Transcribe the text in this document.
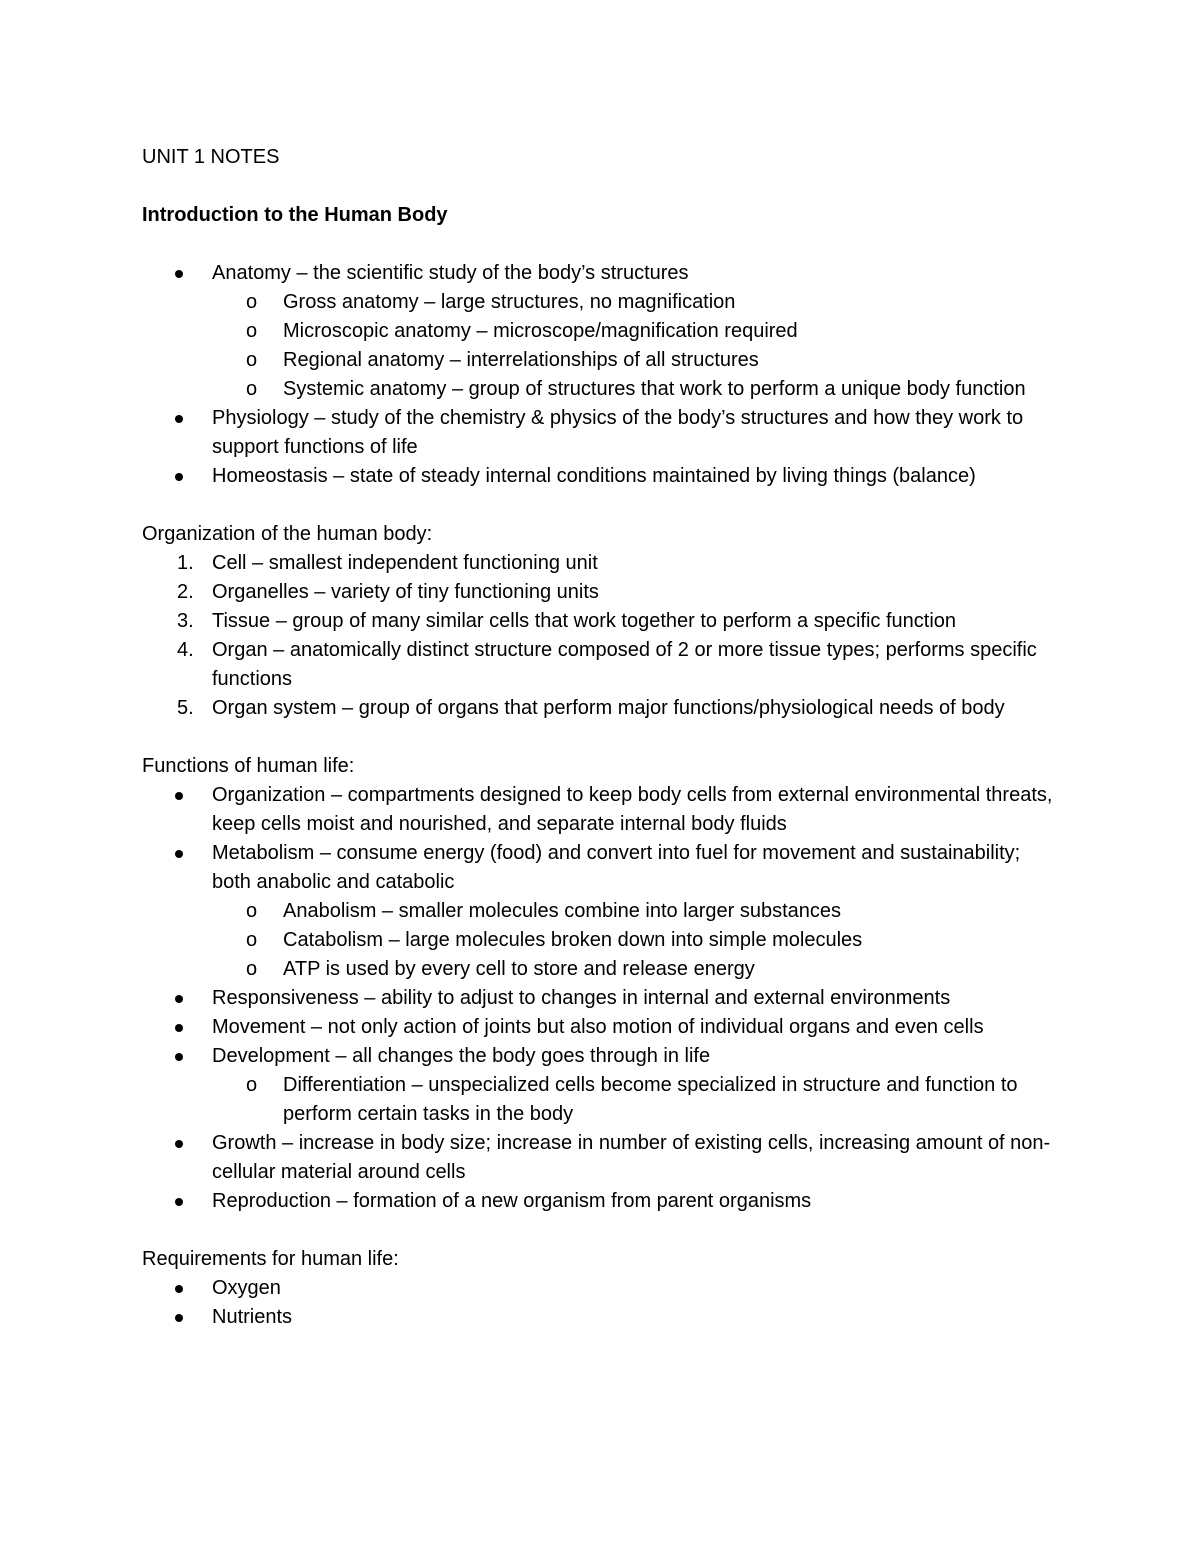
UNIT 1 NOTES

Introduction to the Human Body

Anatomy – the scientific study of the body’s structures
o	Gross anatomy – large structures, no magnification
o	Microscopic anatomy – microscope/magnification required
o	Regional anatomy – interrelationships of all structures
o	Systemic anatomy – group of structures that work to perform a unique body function
Physiology – study of the chemistry & physics of the body’s structures and how they work to support functions of life
Homeostasis – state of steady internal conditions maintained by living things (balance)

Organization of the human body:

1. Cell – smallest independent functioning unit
2. Organelles – variety of tiny functioning units
3. Tissue – group of many similar cells that work together to perform a specific function
4. Organ – anatomically distinct structure composed of 2 or more tissue types; performs specific functions
5. Organ system – group of organs that perform major functions/physiological needs of body

Functions of human life:

Organization – compartments designed to keep body cells from external environmental threats, keep cells moist and nourished, and separate internal body fluids
Metabolism – consume energy (food) and convert into fuel for movement and sustainability; both anabolic and catabolic
o	Anabolism – smaller molecules combine into larger substances
o	Catabolism – large molecules broken down into simple molecules
o	ATP is used by every cell to store and release energy
Responsiveness – ability to adjust to changes in internal and external environments
Movement – not only action of joints but also motion of individual organs and even cells
Development – all changes the body goes through in life
o	Differentiation – unspecialized cells become specialized in structure and function to perform certain tasks in the body
Growth – increase in body size; increase in number of existing cells, increasing amount of non-cellular material around cells
Reproduction – formation of a new organism from parent organisms

Requirements for human life:

Oxygen
Nutrients
